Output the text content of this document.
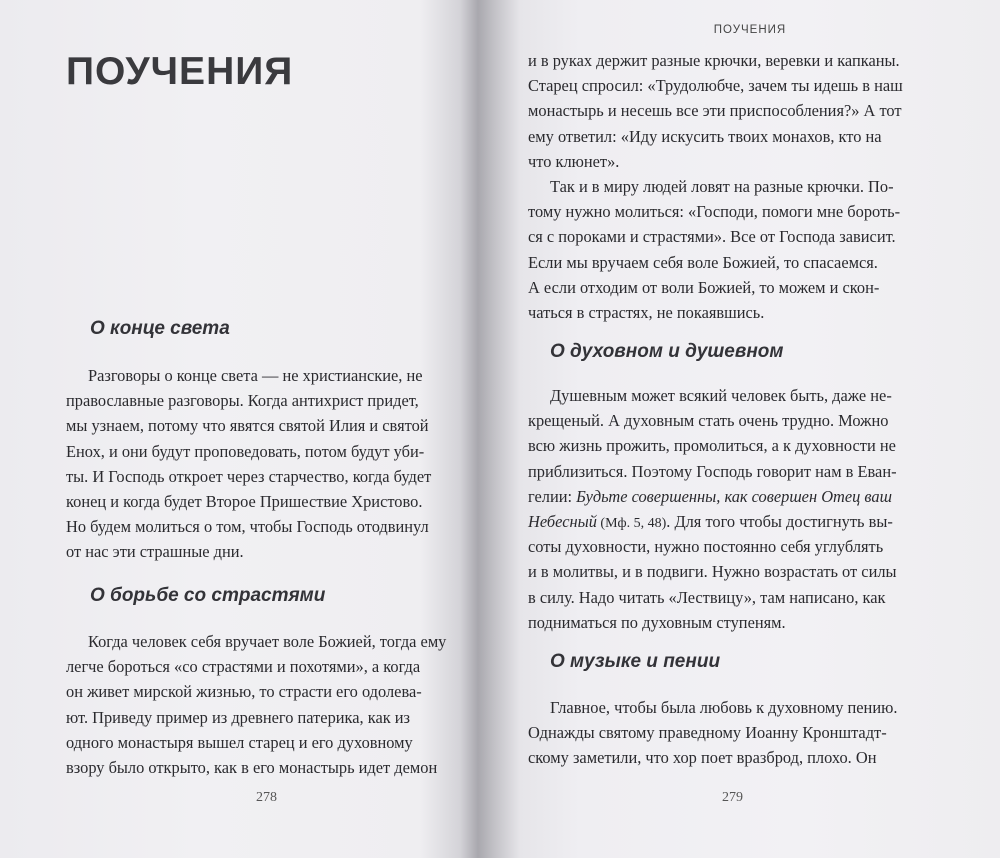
ПОУЧЕНИЯ
О конце света
Разговоры о конце света — не христианские, не
православные разговоры. Когда антихрист придет,
мы узнаем, потому что явятся святой Илия и святой
Енох, и они будут проповедовать, потом будут уби-
ты. И Господь откроет через старчество, когда будет
конец и когда будет Второе Пришествие Христово.
Но будем молиться о том, чтобы Господь отодвинул
от нас эти страшные дни.
О борьбе со страстями
Когда человек себя вручает воле Божией, тогда ему
легче бороться «со страстями и похотями», а когда
он живет мирской жизнью, то страсти его одолева-
ют. Приведу пример из древнего патерика, как из
одного монастыря вышел старец и его духовному
взору было открыто, как в его монастырь идет демон

278

ПОУЧЕНИЯ

и в руках держит разные крючки, веревки и капканы.
Старец спросил: «Трудолюбче, зачем ты идешь в наш
монастырь и несешь все эти приспособления?» А тот
ему ответил: «Иду искусить твоих монахов, кто на
что клюнет».
Так и в миру людей ловят на разные крючки. По-
тому нужно молиться: «Господи, помоги мне бороть-
ся с пороками и страстями». Все от Господа зависит.
Если мы вручаем себя воле Божией, то спасаемся.
А если отходим от воли Божией, то можем и скон-
чаться в страстях, не покаявшись.
О духовном и душевном
Душевным может всякий человек быть, даже не-
крещеный. А духовным стать очень трудно. Можно
всю жизнь прожить, промолиться, а к духовности не
приблизиться. Поэтому Господь говорит нам в Еван-
гелии: Будьте совершенны, как совершен Отец ваш
Небесный (Мф. 5, 48). Для того чтобы достигнуть вы-
соты духовности, нужно постоянно себя углублять
и в молитвы, и в подвиги. Нужно возрастать от силы
в силу. Надо читать «Лествицу», там написано, как
подниматься по духовным ступеням.
О музыке и пении
Главное, чтобы была любовь к духовному пению.
Однажды святому праведному Иоанну Кронштадт-
скому заметили, что хор поет вразброд, плохо. Он

279
